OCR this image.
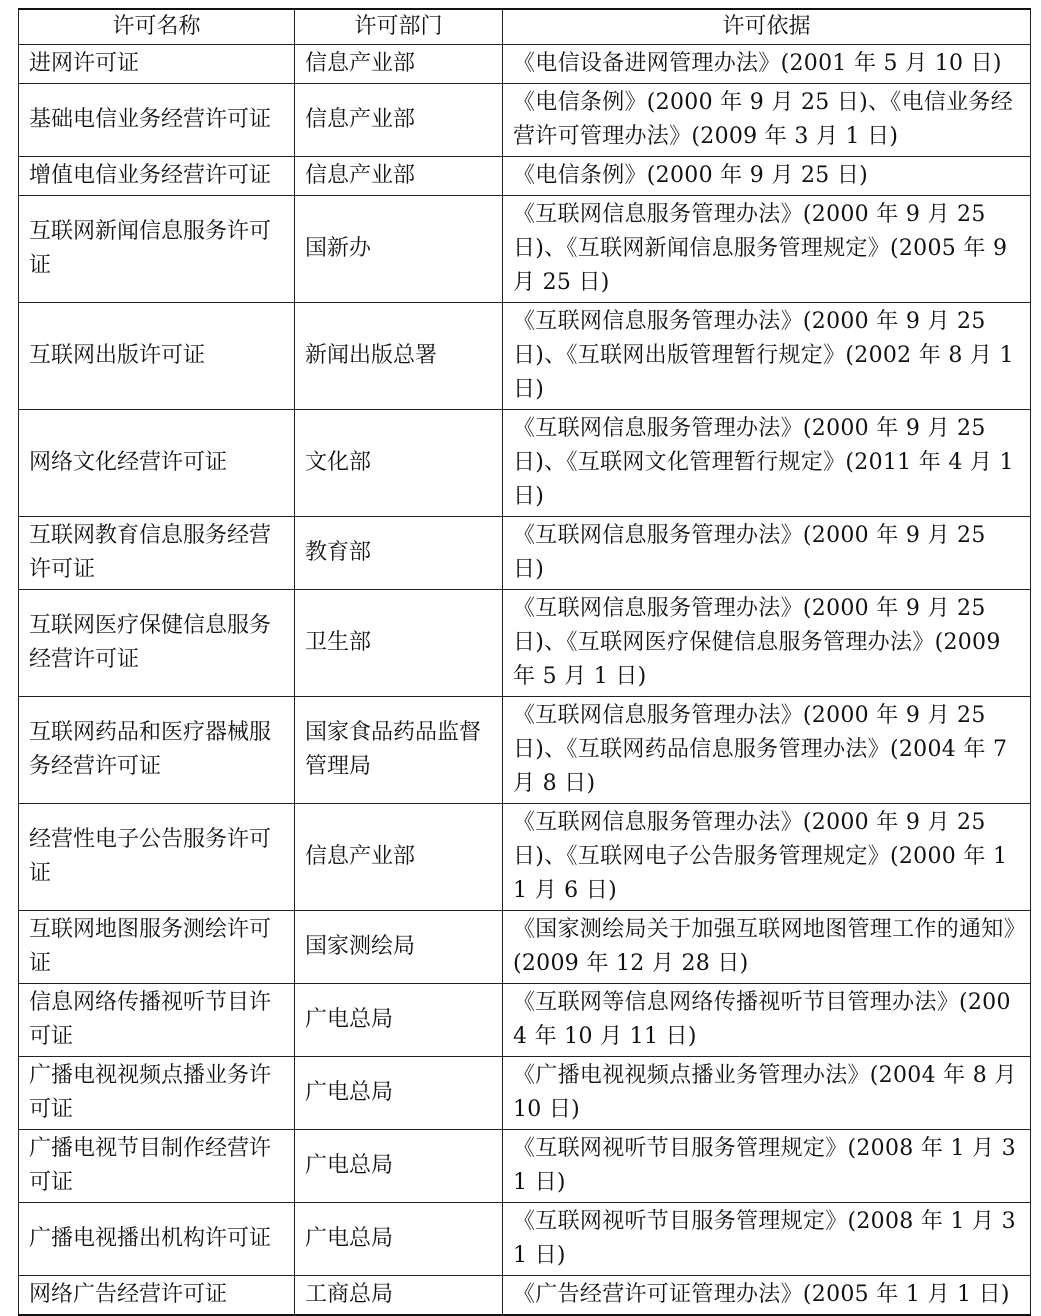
许可名称	许可部门	许可依据
进网许可证	信息产业部	《电信设备进网管理办法》(2001 年 5 月 10 日)
基础电信业务经营许可证	信息产业部	《电信条例》(2000 年 9 月 25 日)、《电信业务经营许可管理办法》(2009 年 3 月 1 日)
增值电信业务经营许可证	信息产业部	《电信条例》(2000 年 9 月 25 日)
互联网新闻信息服务许可证	国新办	《互联网信息服务管理办法》(2000 年 9 月 25 日)、《互联网新闻信息服务管理规定》(2005 年 9 月 25 日)
互联网出版许可证	新闻出版总署	《互联网信息服务管理办法》(2000 年 9 月 25 日)、《互联网出版管理暂行规定》(2002 年 8 月 1 日)
网络文化经营许可证	文化部	《互联网信息服务管理办法》(2000 年 9 月 25 日)、《互联网文化管理暂行规定》(2011 年 4 月 1 日)
互联网教育信息服务经营许可证	教育部	《互联网信息服务管理办法》(2000 年 9 月 25 日)
互联网医疗保健信息服务经营许可证	卫生部	《互联网信息服务管理办法》(2000 年 9 月 25 日)、《互联网医疗保健信息服务管理办法》(2009 年 5 月 1 日)
互联网药品和医疗器械服务经营许可证	国家食品药品监督管理局	《互联网信息服务管理办法》(2000 年 9 月 25 日)、《互联网药品信息服务管理办法》(2004 年 7 月 8 日)
经营性电子公告服务许可证	信息产业部	《互联网信息服务管理办法》(2000 年 9 月 25 日)、《互联网电子公告服务管理规定》(2000 年 11 月 6 日)
互联网地图服务测绘许可证	国家测绘局	《国家测绘局关于加强互联网地图管理工作的通知》(2009 年 12 月 28 日)
信息网络传播视听节目许可证	广电总局	《互联网等信息网络传播视听节目管理办法》(2004 年 10 月 11 日)
广播电视视频点播业务许可证	广电总局	《广播电视视频点播业务管理办法》(2004 年 8 月 10 日)
广播电视节目制作经营许可证	广电总局	《互联网视听节目服务管理规定》(2008 年 1 月 31 日)
广播电视播出机构许可证	广电总局	《互联网视听节目服务管理规定》(2008 年 1 月 31 日)
网络广告经营许可证	工商总局	《广告经营许可证管理办法》(2005 年 1 月 1 日)
